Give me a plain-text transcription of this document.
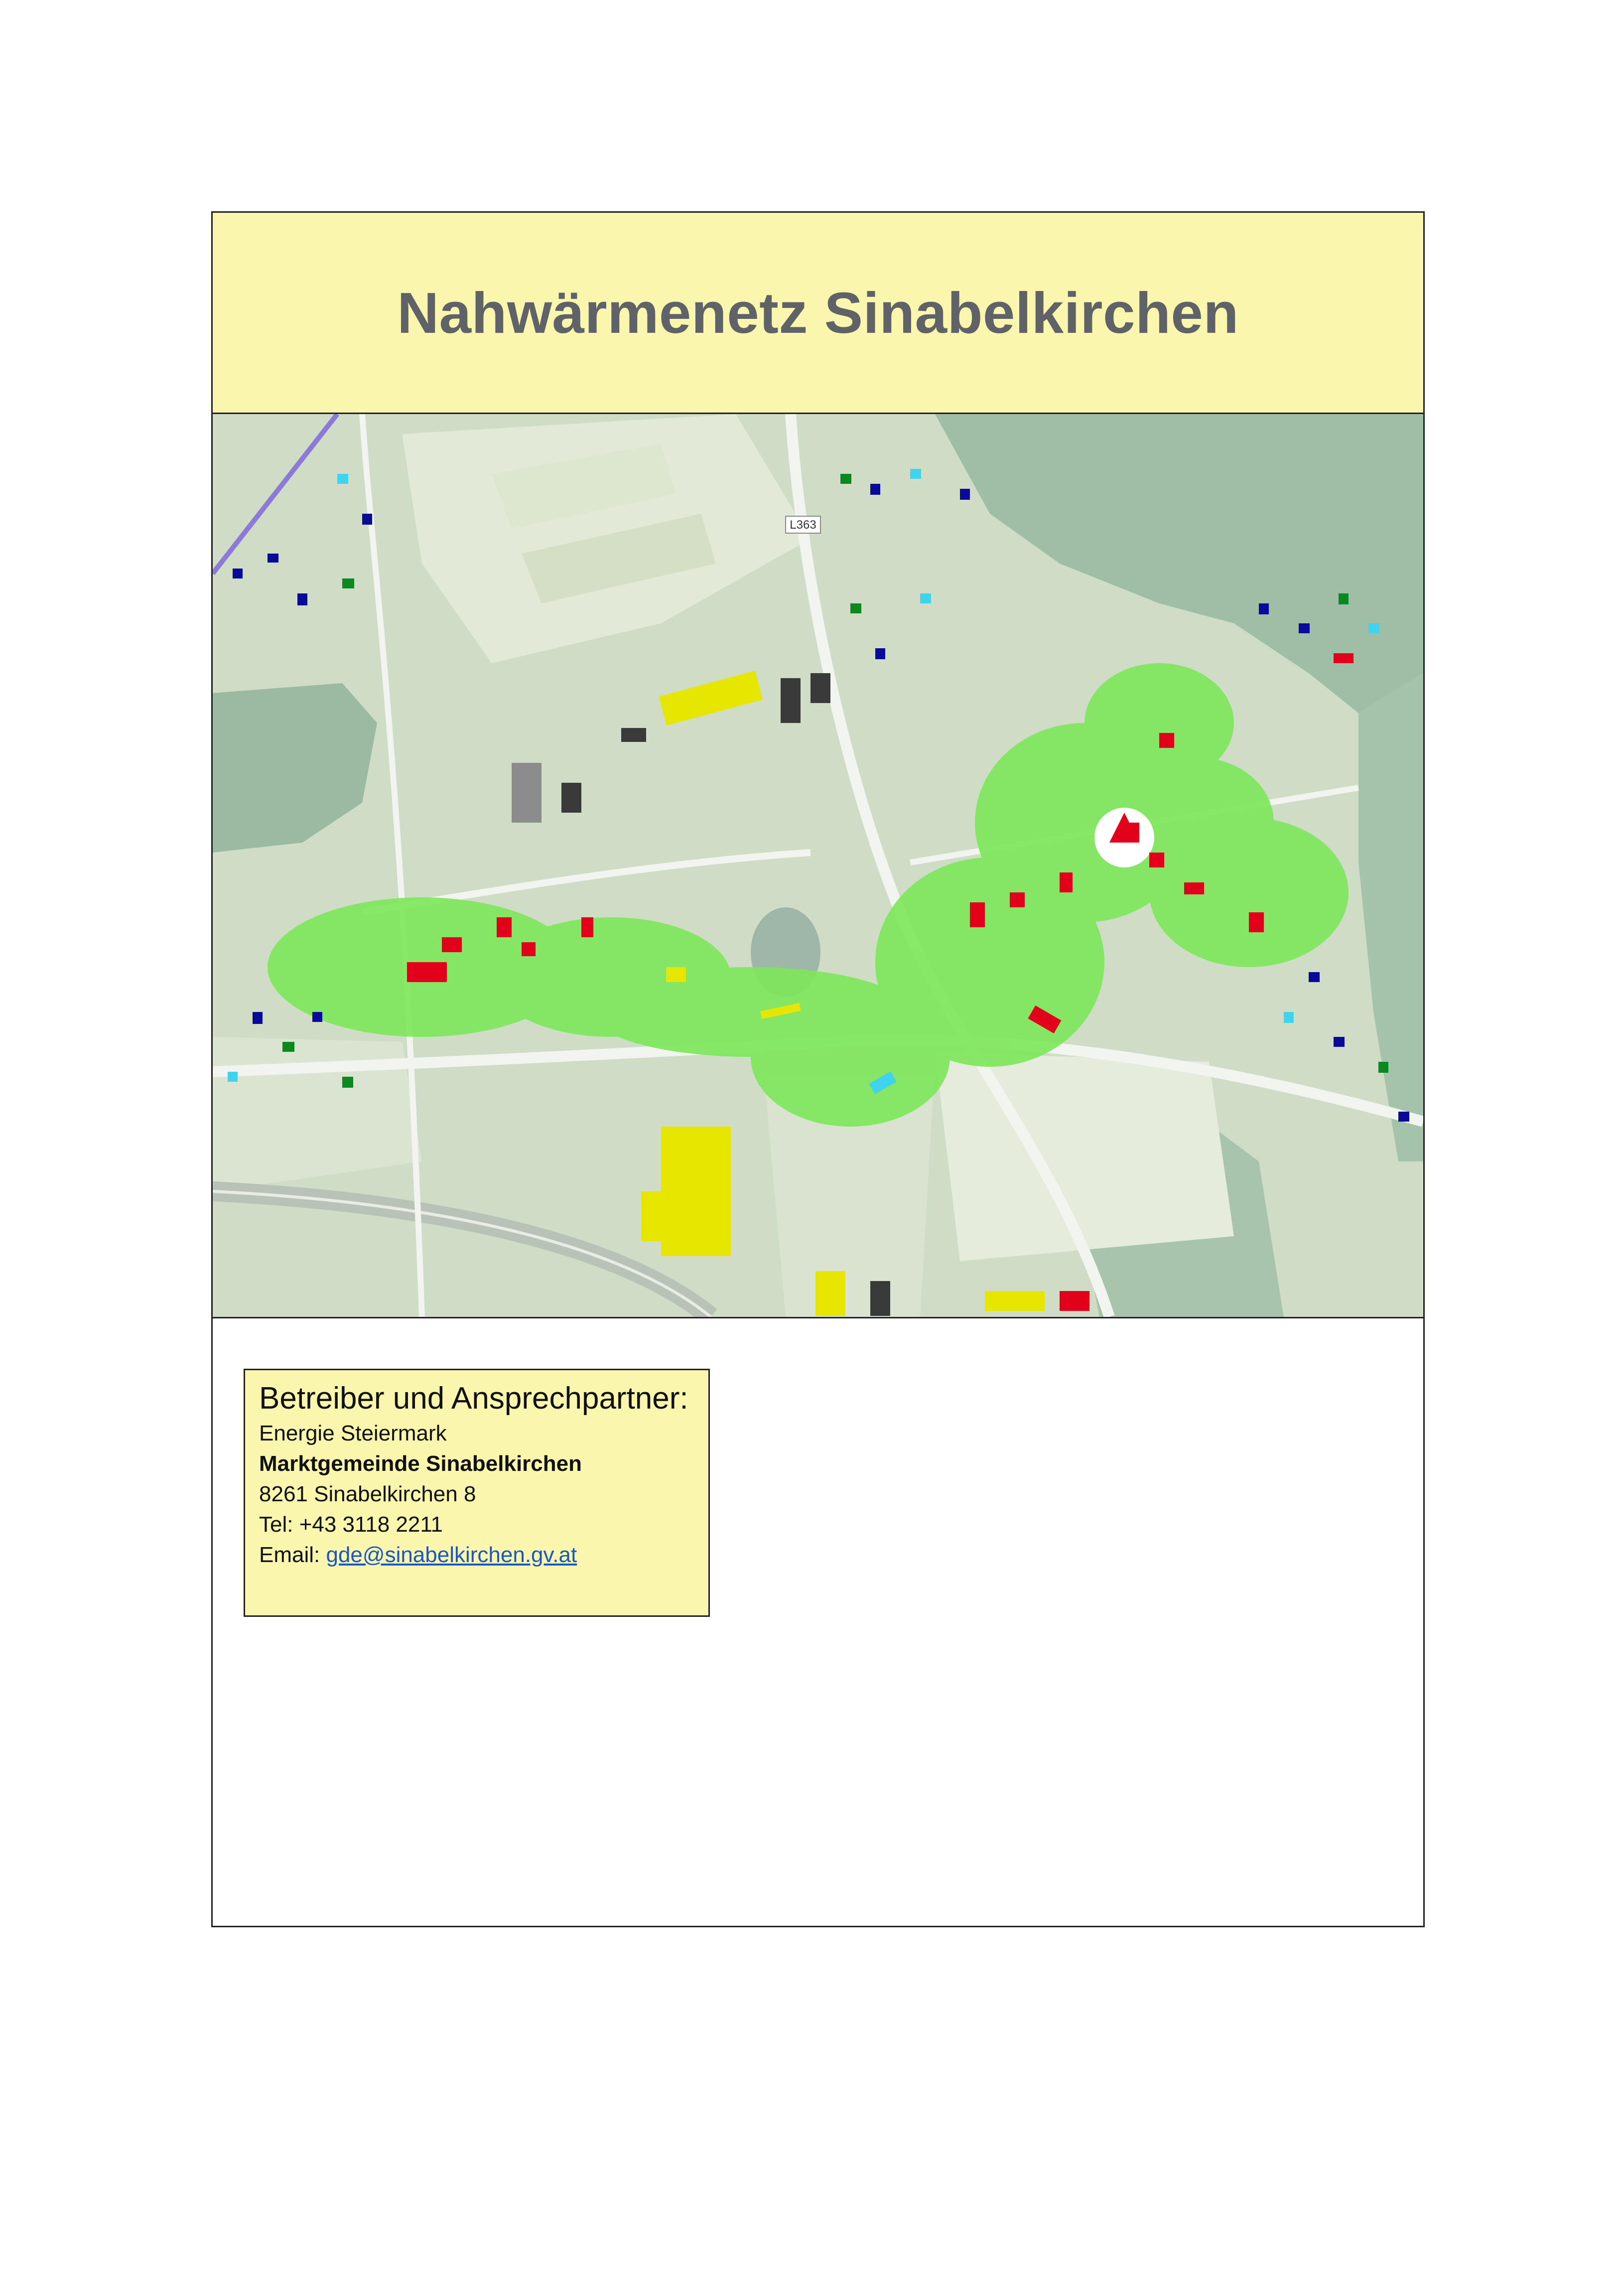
Nahwärmenetz Sinabelkirchen
L363
Betreiber und Ansprechpartner:
Energie Steiermark
Marktgemeinde Sinabelkirchen
8261 Sinabelkirchen 8
Tel: +43 3118 2211
Email: gde@sinabelkirchen.gv.at
